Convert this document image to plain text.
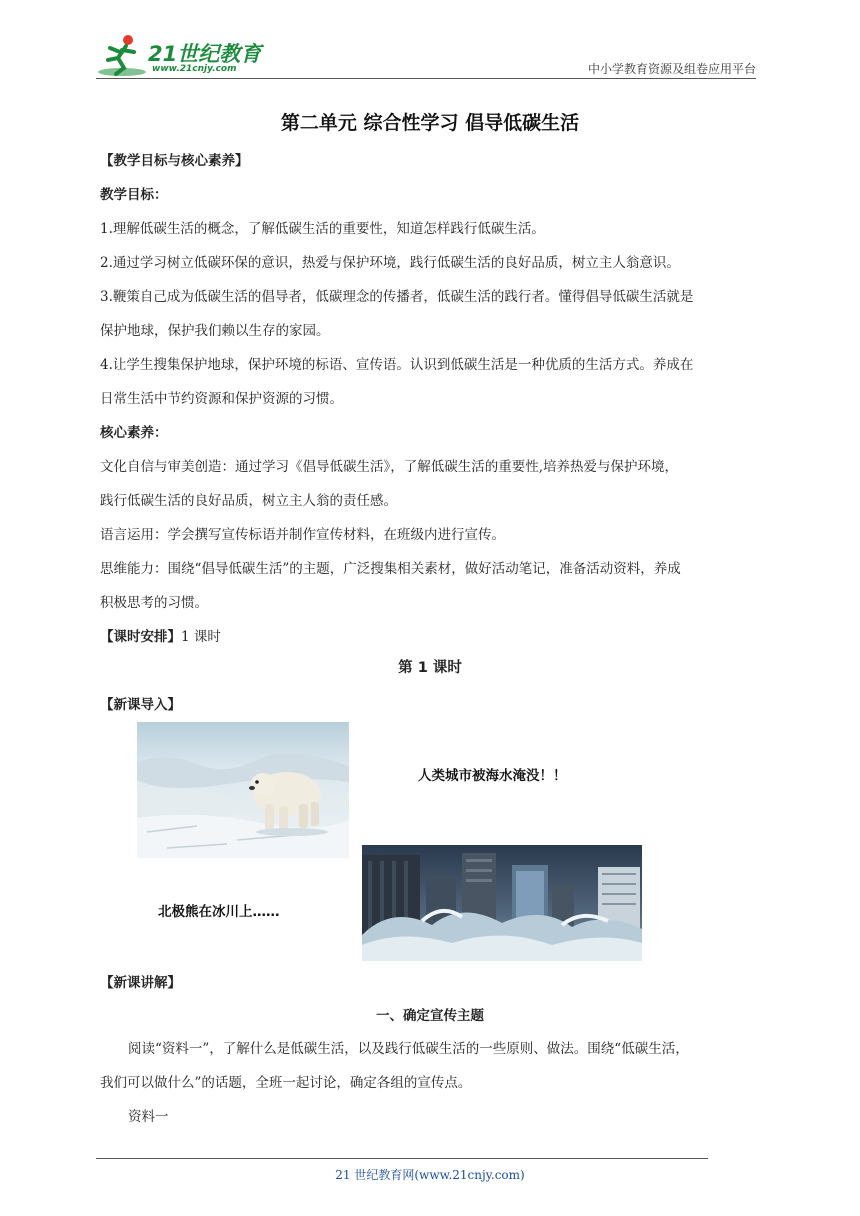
21世纪教育
www.21cnjy.com	中小学教育资源及组卷应用平台
第二单元 综合性学习 倡导低碳生活
【教学目标与核心素养】
教学目标：
1.理解低碳生活的概念，了解低碳生活的重要性，知道怎样践行低碳生活。
2.通过学习树立低碳环保的意识，热爱与保护环境，践行低碳生活的良好品质，树立主人翁意识。
3.鞭策自己成为低碳生活的倡导者，低碳理念的传播者，低碳生活的践行者。懂得倡导低碳生活就是
保护地球，保护我们赖以生存的家园。
4.让学生搜集保护地球，保护环境的标语、宣传语。认识到低碳生活是一种优质的生活方式。养成在
日常生活中节约资源和保护资源的习惯。
核心素养：
文化自信与审美创造：通过学习《倡导低碳生活》，了解低碳生活的重要性,培养热爱与保护环境，
践行低碳生活的良好品质，树立主人翁的责任感。
语言运用：学会撰写宣传标语并制作宣传材料，在班级内进行宣传。
思维能力：围绕“倡导低碳生活”的主题，广泛搜集相关素材，做好活动笔记，准备活动资料，养成
积极思考的习惯。
【课时安排】1 课时
第 1 课时
【新课导入】
人类城市被海水淹没！！
北极熊在冰川上……
【新课讲解】
一、确定宣传主题
阅读“资料一”，了解什么是低碳生活，以及践行低碳生活的一些原则、做法。围绕“低碳生活，
我们可以做什么”的话题，全班一起讨论，确定各组的宣传点。
资料一
21 世纪教育网(www.21cnjy.com)
